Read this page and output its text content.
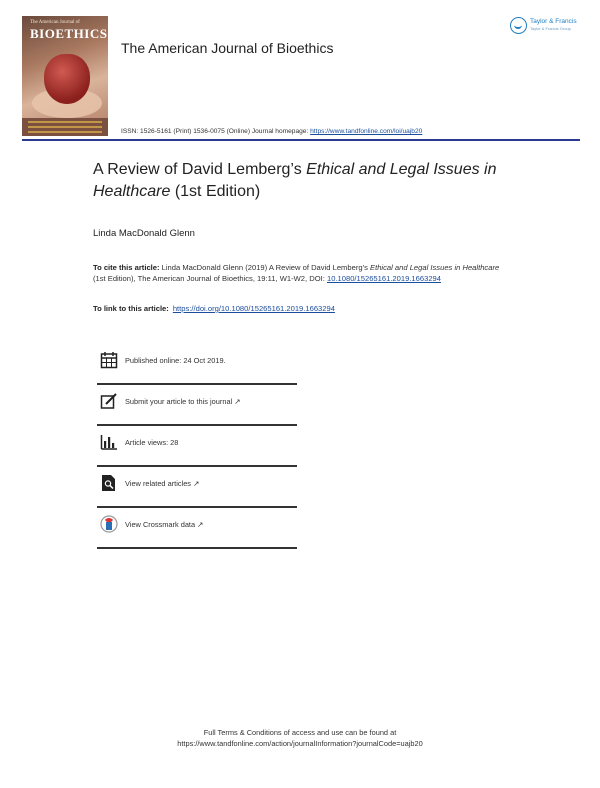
The American Journal of
BIOETHICS
Taylor & Francis
Taylor & Francis Group
The American Journal of Bioethics
ISSN: 1526-5161 (Print) 1536-0075 (Online) Journal homepage: https://www.tandfonline.com/loi/uajb20
A Review of David Lemberg’s Ethical and Legal Issues in Healthcare (1st Edition)
Linda MacDonald Glenn
To cite this article: Linda MacDonald Glenn (2019) A Review of David Lemberg’s Ethical and Legal Issues in Healthcare (1st Edition), The American Journal of Bioethics, 19:11, W1-W2, DOI: 10.1080/15265161.2019.1663294
To link to this article: https://doi.org/10.1080/15265161.2019.1663294
Published online: 24 Oct 2019.
Submit your article to this journal ↗
Article views: 28
View related articles ↗
View Crossmark data ↗
Full Terms & Conditions of access and use can be found at
https://www.tandfonline.com/action/journalInformation?journalCode=uajb20
